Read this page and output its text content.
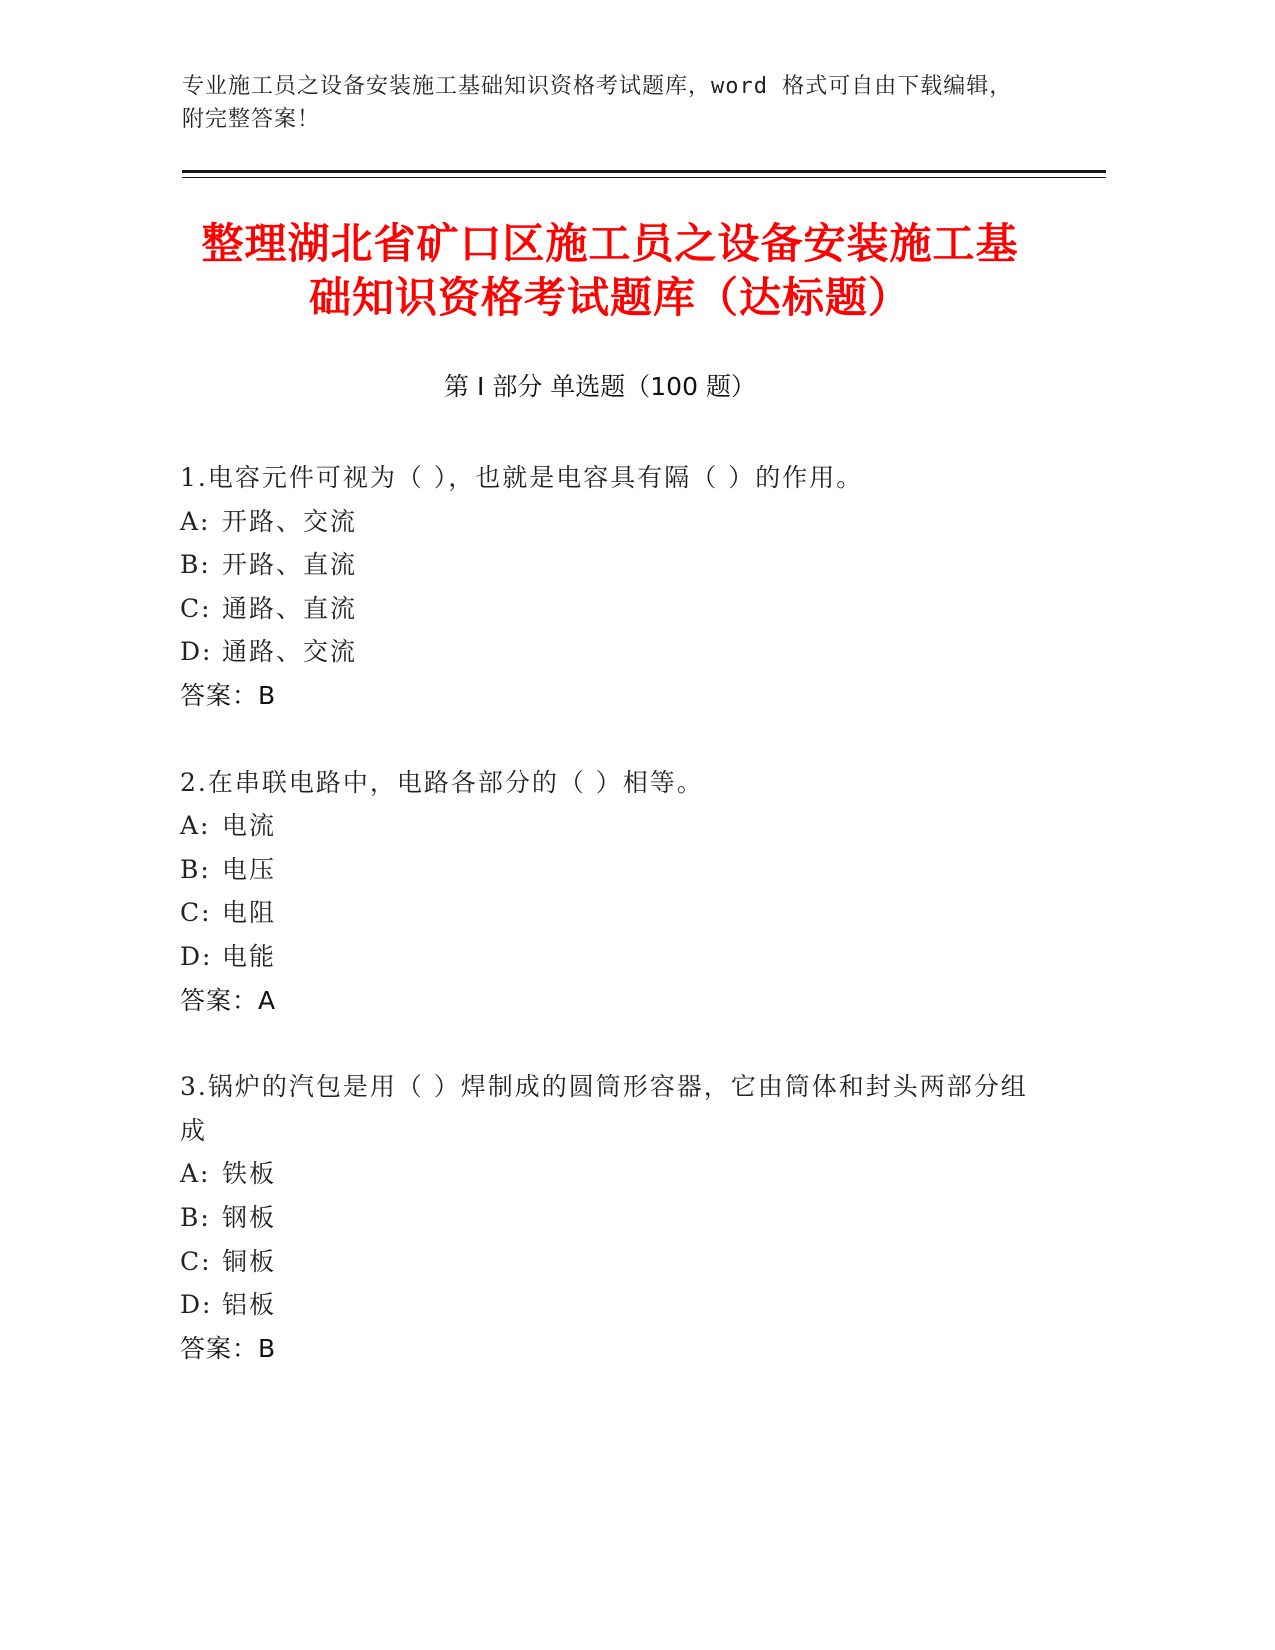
专业施工员之设备安装施工基础知识资格考试题库，word 格式可自由下载编辑，
附完整答案！
整理湖北省矿口区施工员之设备安装施工基
础知识资格考试题库（达标题）
第 I 部分 单选题（100 题）
1.电容元件可视为（ ），也就是电容具有隔（ ）的作用。
A: 开路、交流
B: 开路、直流
C: 通路、直流
D: 通路、交流
答案：B
2.在串联电路中，电路各部分的（ ）相等。
A: 电流
B: 电压
C: 电阻
D: 电能
答案：A
3.锅炉的汽包是用（ ）焊制成的圆筒形容器，它由筒体和封头两部分组成
A: 铁板
B: 钢板
C: 铜板
D: 铝板
答案：B
